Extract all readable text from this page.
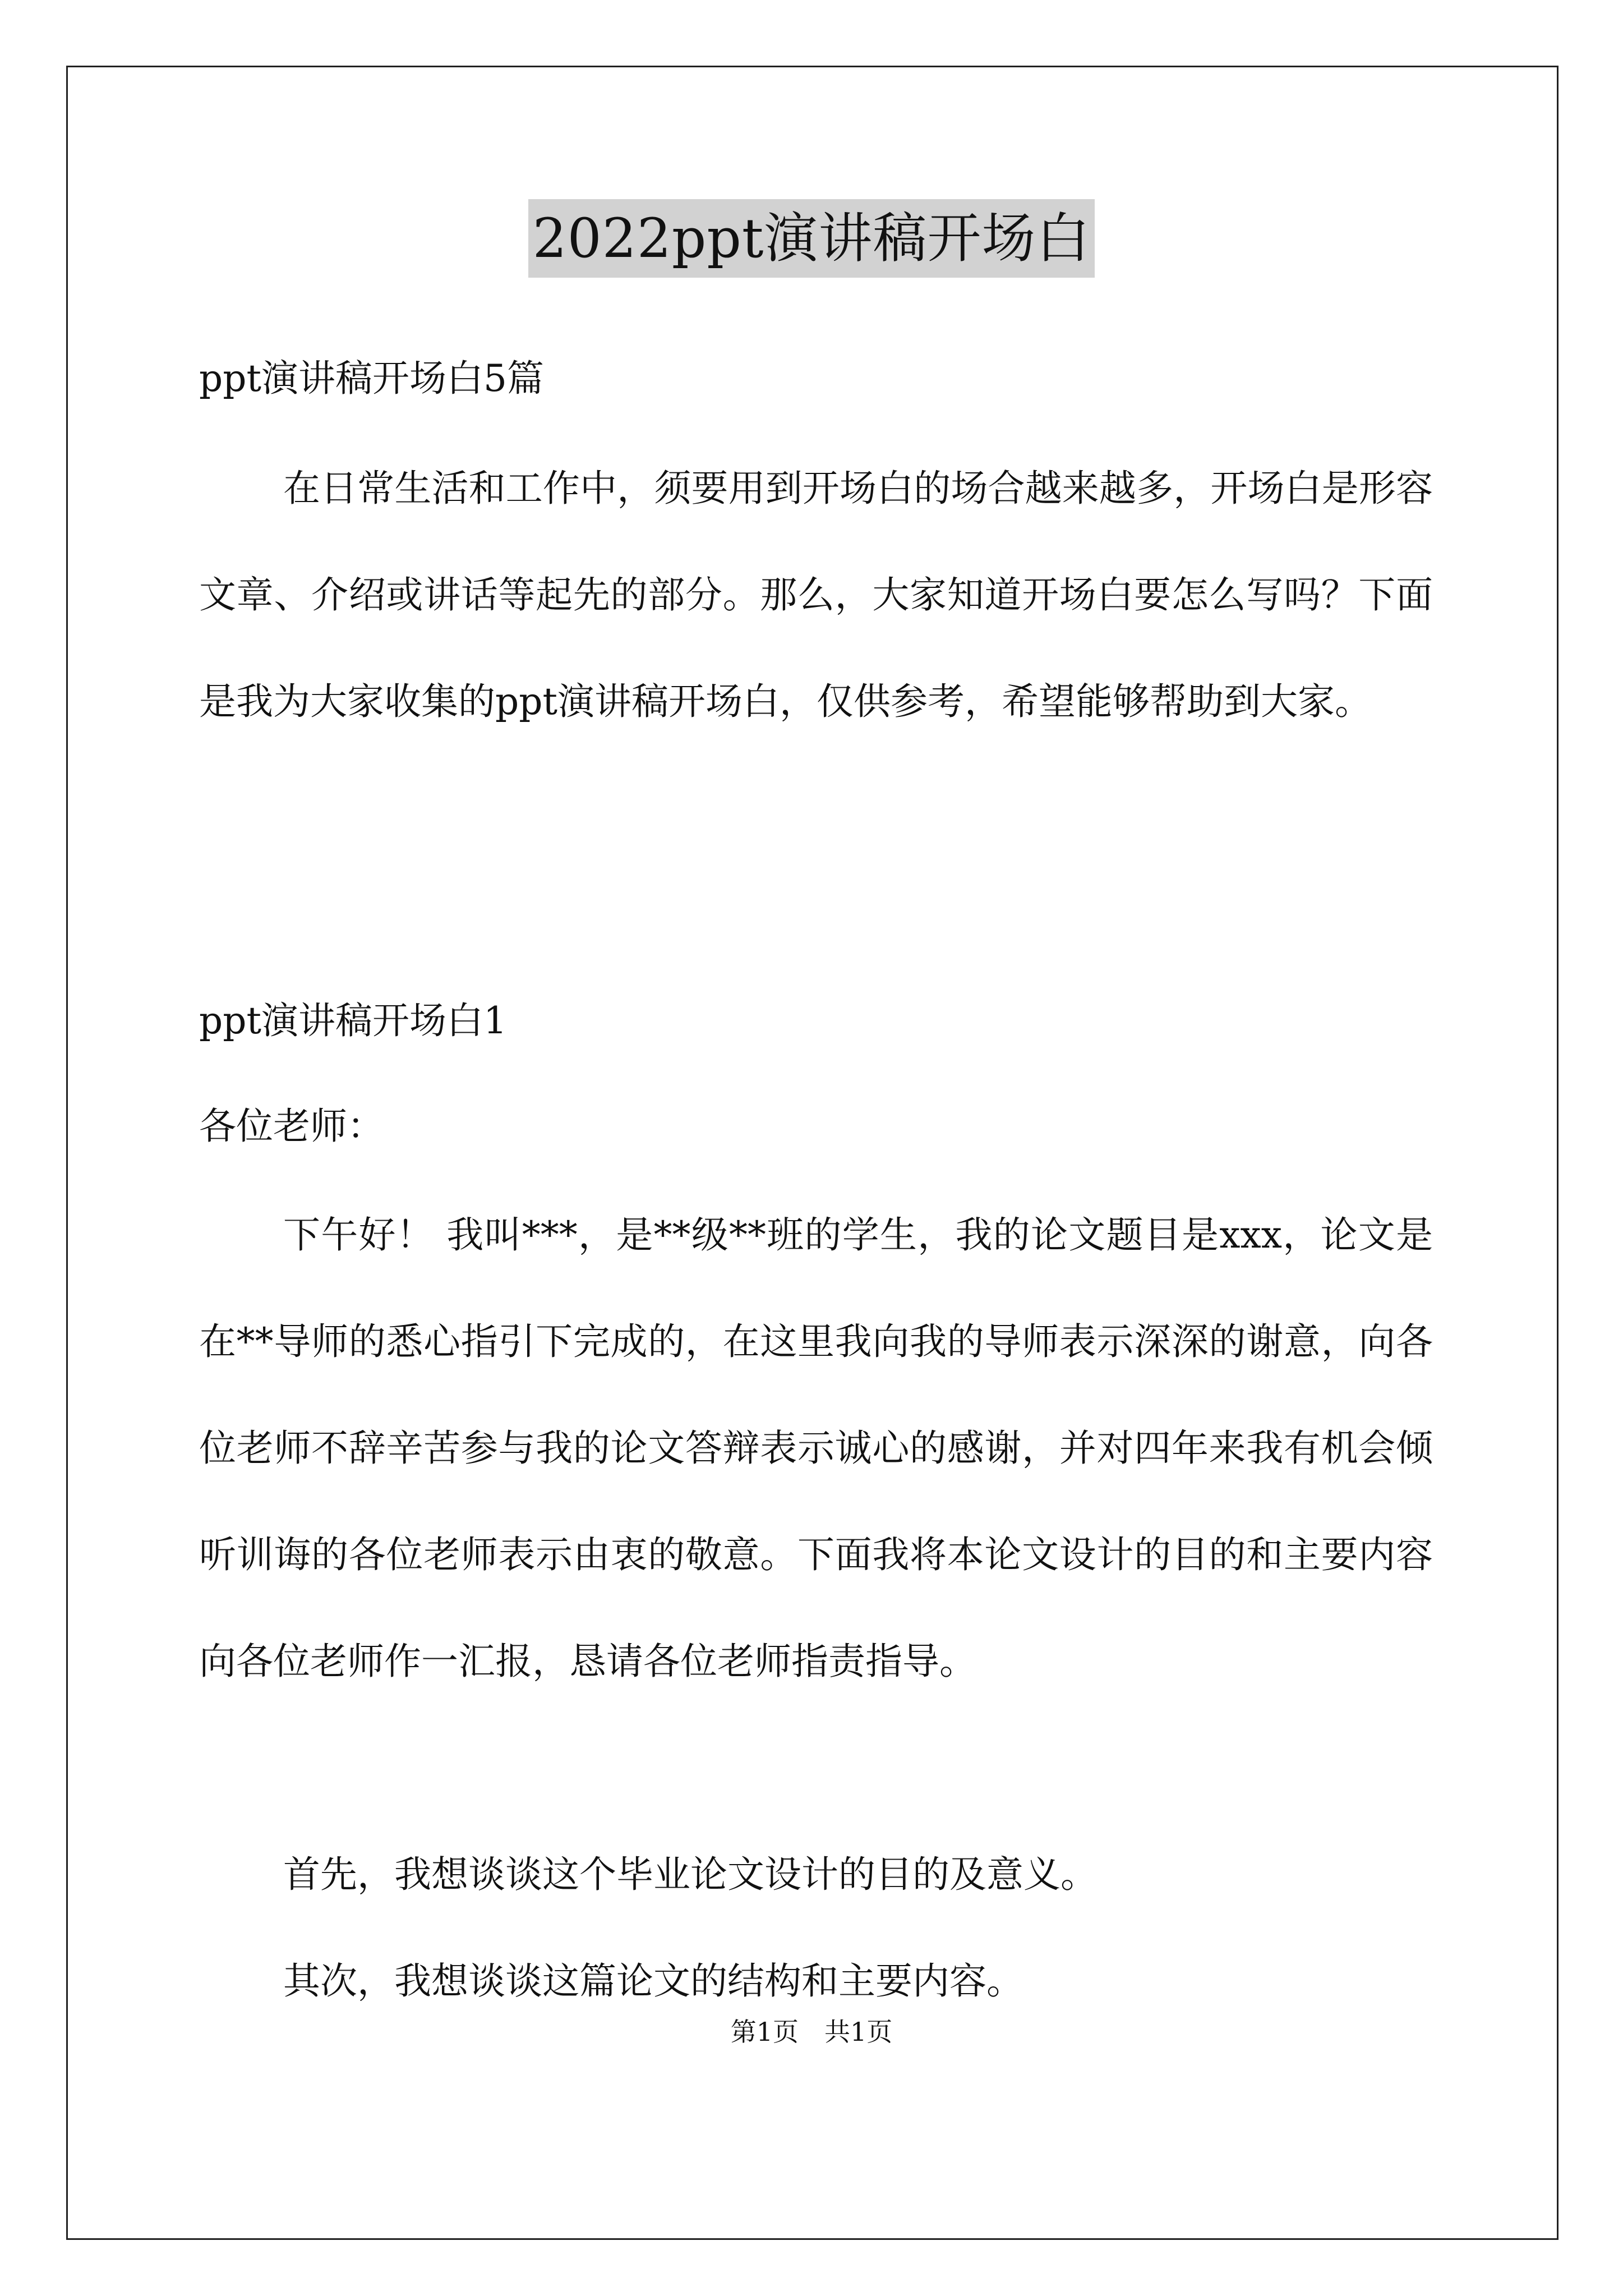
2022ppt演讲稿开场白
ppt演讲稿开场白5篇
在日常生活和工作中，须要用到开场白的场合越来越多，开场白是形容文章、介绍或讲话等起先的部分。那么，大家知道开场白要怎么写吗？下面是我为大家收集的ppt演讲稿开场白，仅供参考，希望能够帮助到大家。
ppt演讲稿开场白1
各位老师：
下午好！ 我叫***，是**级**班的学生，我的论文题目是xxx，论文是在**导师的悉心指引下完成的，在这里我向我的导师表示深深的谢意，向各位老师不辞辛苦参与我的论文答辩表示诚心的感谢，并对四年来我有机会倾听训诲的各位老师表示由衷的敬意。下面我将本论文设计的目的和主要内容向各位老师作一汇报，恳请各位老师指责指导。
首先，我想谈谈这个毕业论文设计的目的及意义。
其次，我想谈谈这篇论文的结构和主要内容。
第1页　共1页
